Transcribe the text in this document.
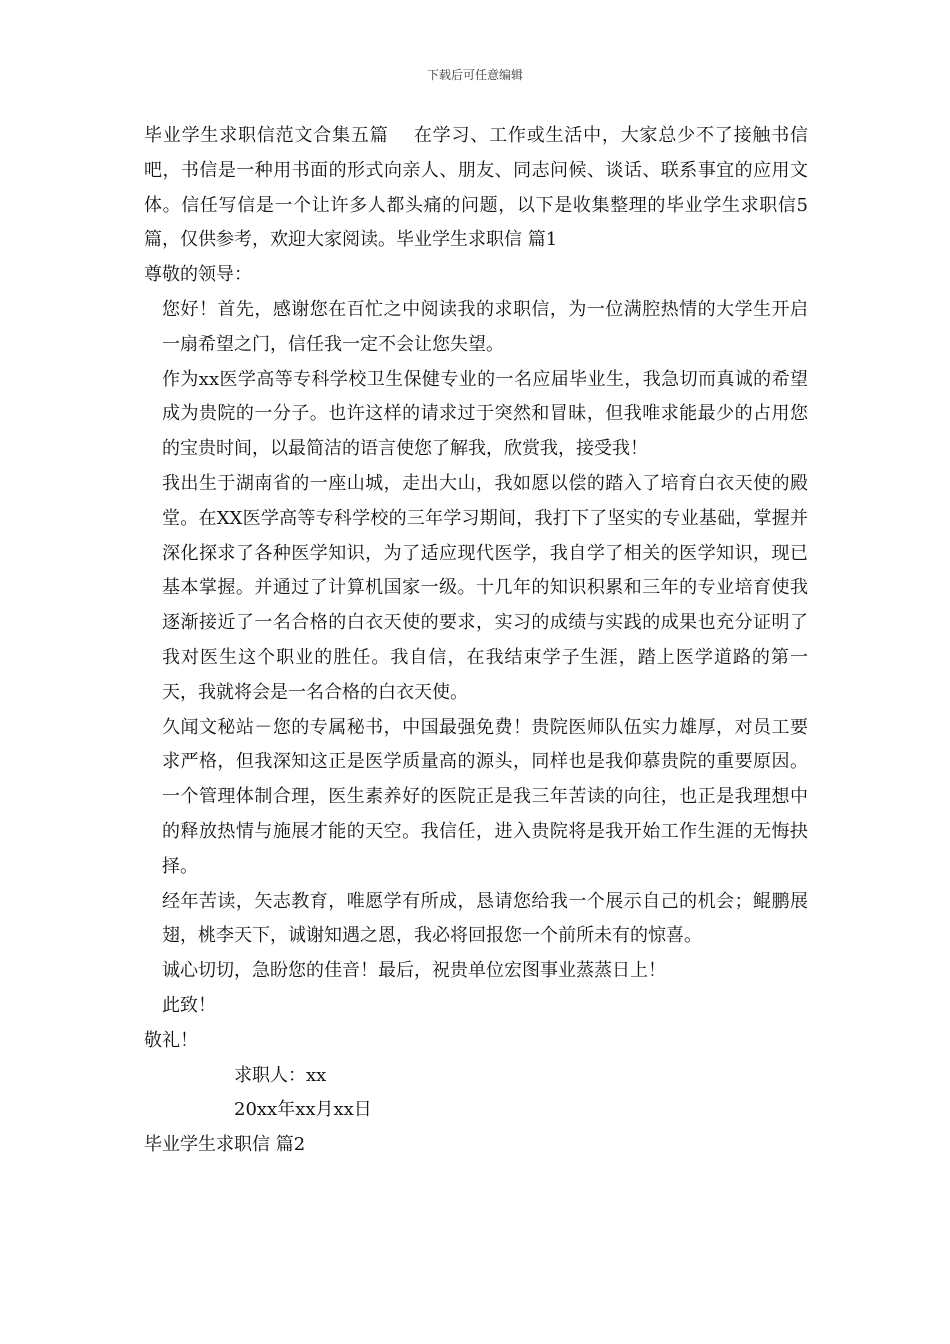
下载后可任意编辑

毕业学生求职信范文合集五篇　 在学习、工作或生活中，大家总少不了接触书信吧，书信是一种用书面的形式向亲人、朋友、同志问候、谈话、联系事宜的应用文体。信任写信是一个让许多人都头痛的问题，以下是收集整理的毕业学生求职信5篇，仅供参考，欢迎大家阅读。毕业学生求职信 篇1

尊敬的领导：

您好！首先，感谢您在百忙之中阅读我的求职信，为一位满腔热情的大学生开启一扇希望之门，信任我一定不会让您失望。

作为xx医学高等专科学校卫生保健专业的一名应届毕业生，我急切而真诚的希望成为贵院的一分子。也许这样的请求过于突然和冒昧，但我唯求能最少的占用您的宝贵时间，以最简洁的语言使您了解我，欣赏我，接受我！

我出生于湖南省的一座山城，走出大山，我如愿以偿的踏入了培育白衣天使的殿堂。在XX医学高等专科学校的三年学习期间，我打下了坚实的专业基础，掌握并深化探求了各种医学知识，为了适应现代医学，我自学了相关的医学知识，现已基本掌握。并通过了计算机国家一级。十几年的知识积累和三年的专业培育使我逐渐接近了一名合格的白衣天使的要求，实习的成绩与实践的成果也充分证明了我对医生这个职业的胜任。我自信，在我结束学子生涯，踏上医学道路的第一天，我就将会是一名合格的白衣天使。

久闻文秘站－您的专属秘书，中国最强免费！贵院医师队伍实力雄厚，对员工要求严格，但我深知这正是医学质量高的源头，同样也是我仰慕贵院的重要原因。一个管理体制合理，医生素养好的医院正是我三年苦读的向往，也正是我理想中的释放热情与施展才能的天空。我信任，进入贵院将是我开始工作生涯的无悔抉择。

经年苦读，矢志教育，唯愿学有所成，恳请您给我一个展示自己的机会；鲲鹏展翅，桃李天下，诚谢知遇之恩，我必将回报您一个前所未有的惊喜。

诚心切切，急盼您的佳音！最后，祝贵单位宏图事业蒸蒸日上！

此致！

敬礼！

求职人：xx

20xx年xx月xx日

毕业学生求职信 篇2
